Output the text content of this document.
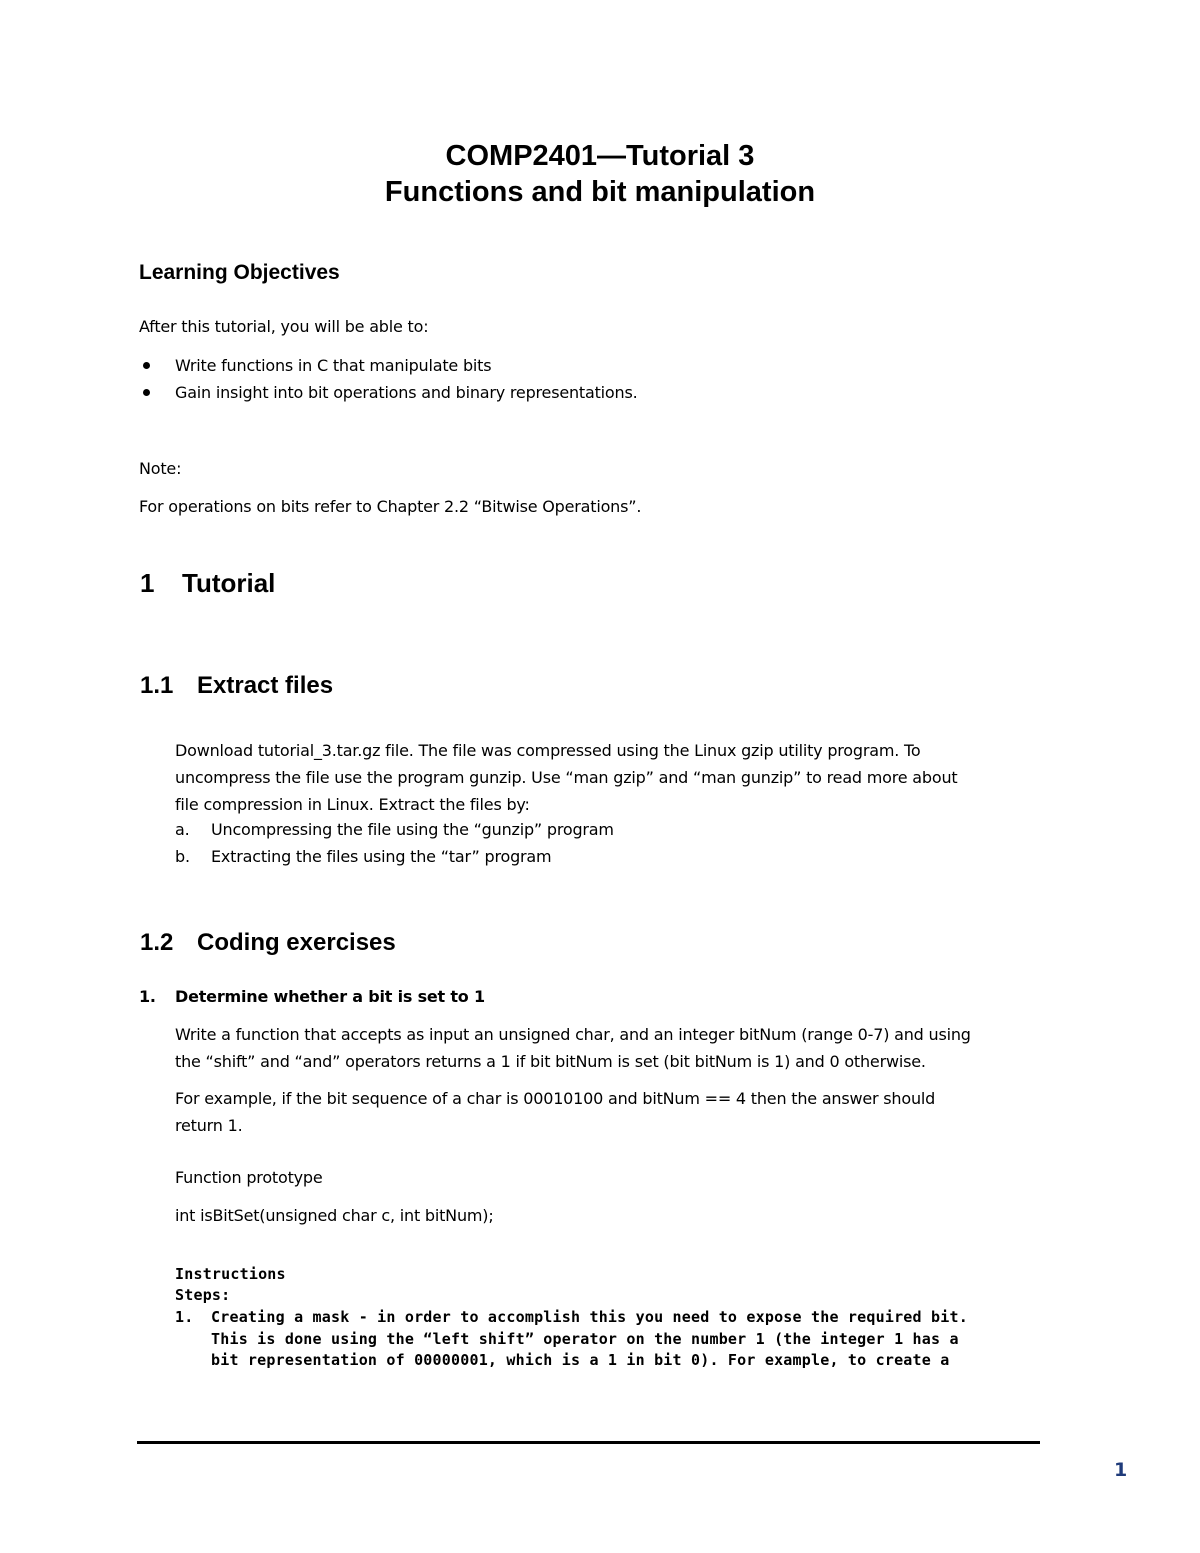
COMP2401—Tutorial 3
Functions and bit manipulation
Learning Objectives
After this tutorial, you will be able to:
Write functions in C that manipulate bits
Gain insight into bit operations and binary representations.
Note:
For operations on bits refer to Chapter 2.2 “Bitwise Operations”.
1 Tutorial
1.1 Extract files
Download tutorial_3.tar.gz file. The file was compressed using the Linux gzip utility program. To
uncompress the file use the program gunzip. Use “man gzip” and “man gunzip” to read more about
file compression in Linux. Extract the files by:
a. Uncompressing the file using the “gunzip” program
b. Extracting the files using the “tar” program
1.2 Coding exercises
1. Determine whether a bit is set to 1
Write a function that accepts as input an unsigned char, and an integer bitNum (range 0-7) and using
the “shift” and “and” operators returns a 1 if bit bitNum is set (bit bitNum is 1) and 0 otherwise.
For example, if the bit sequence of a char is 00010100 and bitNum == 4 then the answer should
return 1.
Function prototype
int isBitSet(unsigned char c, int bitNum);
Instructions
Steps:
1. Creating a mask - in order to accomplish this you need to expose the required bit.
This is done using the “left shift” operator on the number 1 (the integer 1 has a
bit representation of 00000001, which is a 1 in bit 0). For example, to create a
1
